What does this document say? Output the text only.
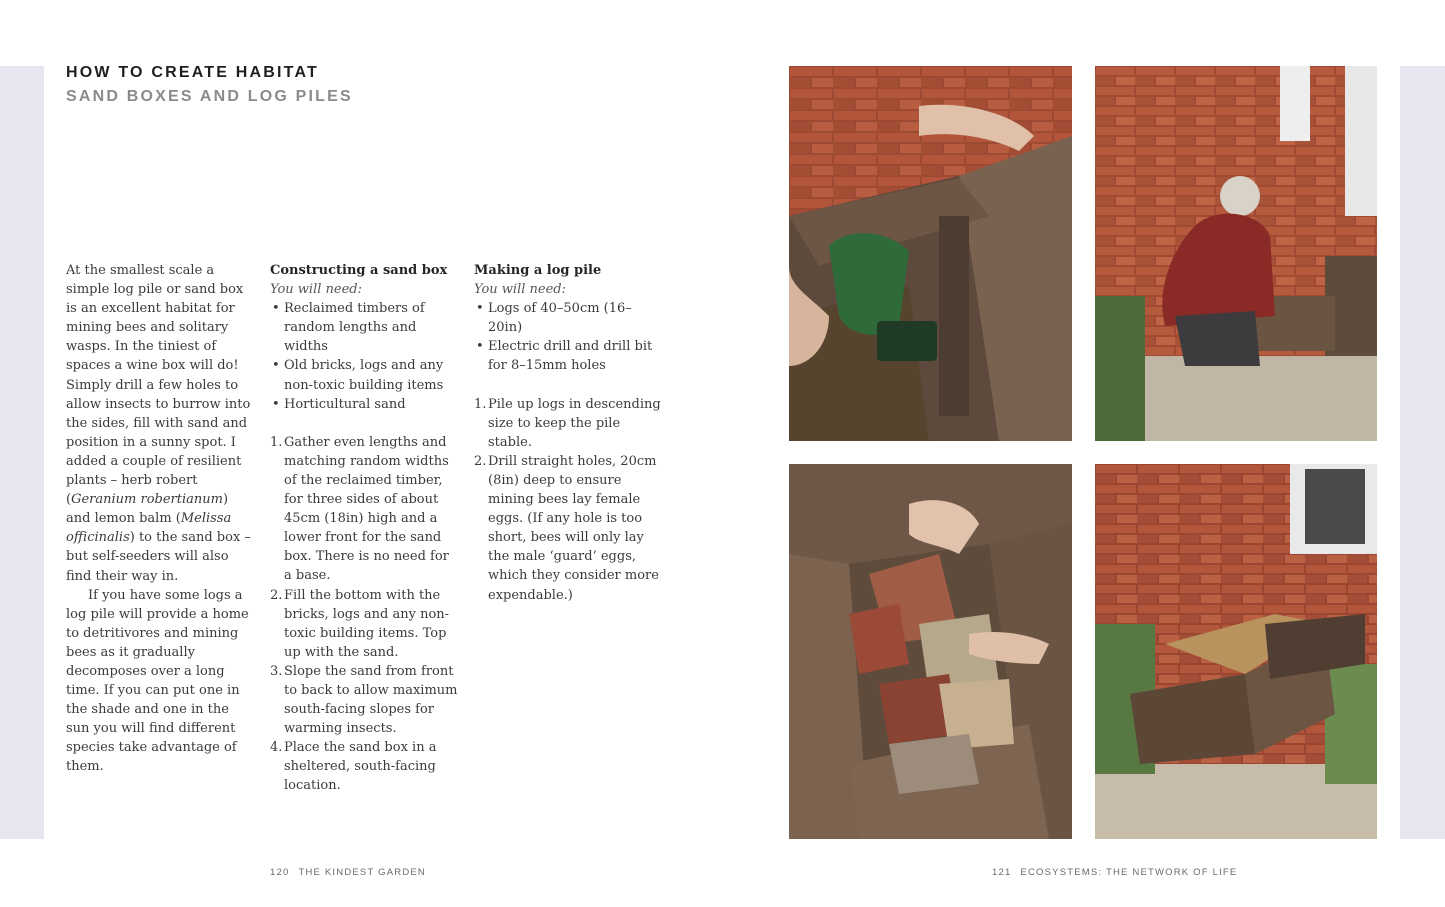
HOW TO CREATE HABITAT
SAND BOXES AND LOG PILES

At the smallest scale a simple log pile or sand box is an excellent habitat for mining bees and solitary wasps. In the tiniest of spaces a wine box will do! Simply drill a few holes to allow insects to burrow into the sides, fill with sand and position in a sunny spot. I added a couple of resilient plants – herb robert (Geranium robertianum) and lemon balm (Melissa officinalis) to the sand box – but self-seeders will also find their way in.

If you have some logs a log pile will provide a home to detritivores and mining bees as it gradually decomposes over a long time. If you can put one in the shade and one in the sun you will find different species take advantage of them.

Constructing a sand box

You will need:

• Reclaimed timbers of random lengths and widths
• Old bricks, logs and any non-toxic building items
• Horticultural sand
1. Gather even lengths and matching random widths of the reclaimed timber, for three sides of about 45cm (18in) high and a lower front for the sand box. There is no need for a base.
2. Fill the bottom with the bricks, logs and any non-toxic building items. Top up with the sand.
3. Slope the sand from front to back to allow maximum south-facing slopes for warming insects.
4. Place the sand box in a sheltered, south-facing location.

Making a log pile

You will need:

• Logs of 40–50cm (16–20in)
• Electric drill and drill bit for 8–15mm holes
1. Pile up logs in descending size to keep the pile stable.
2. Drill straight holes, 20cm (8in) deep to ensure mining bees lay female eggs. (If any hole is too short, bees will only lay the male ‘guard’ eggs, which they consider more expendable.)
120 THE KINDEST GARDEN	121 ECOSYSTEMS: THE NETWORK OF LIFE
